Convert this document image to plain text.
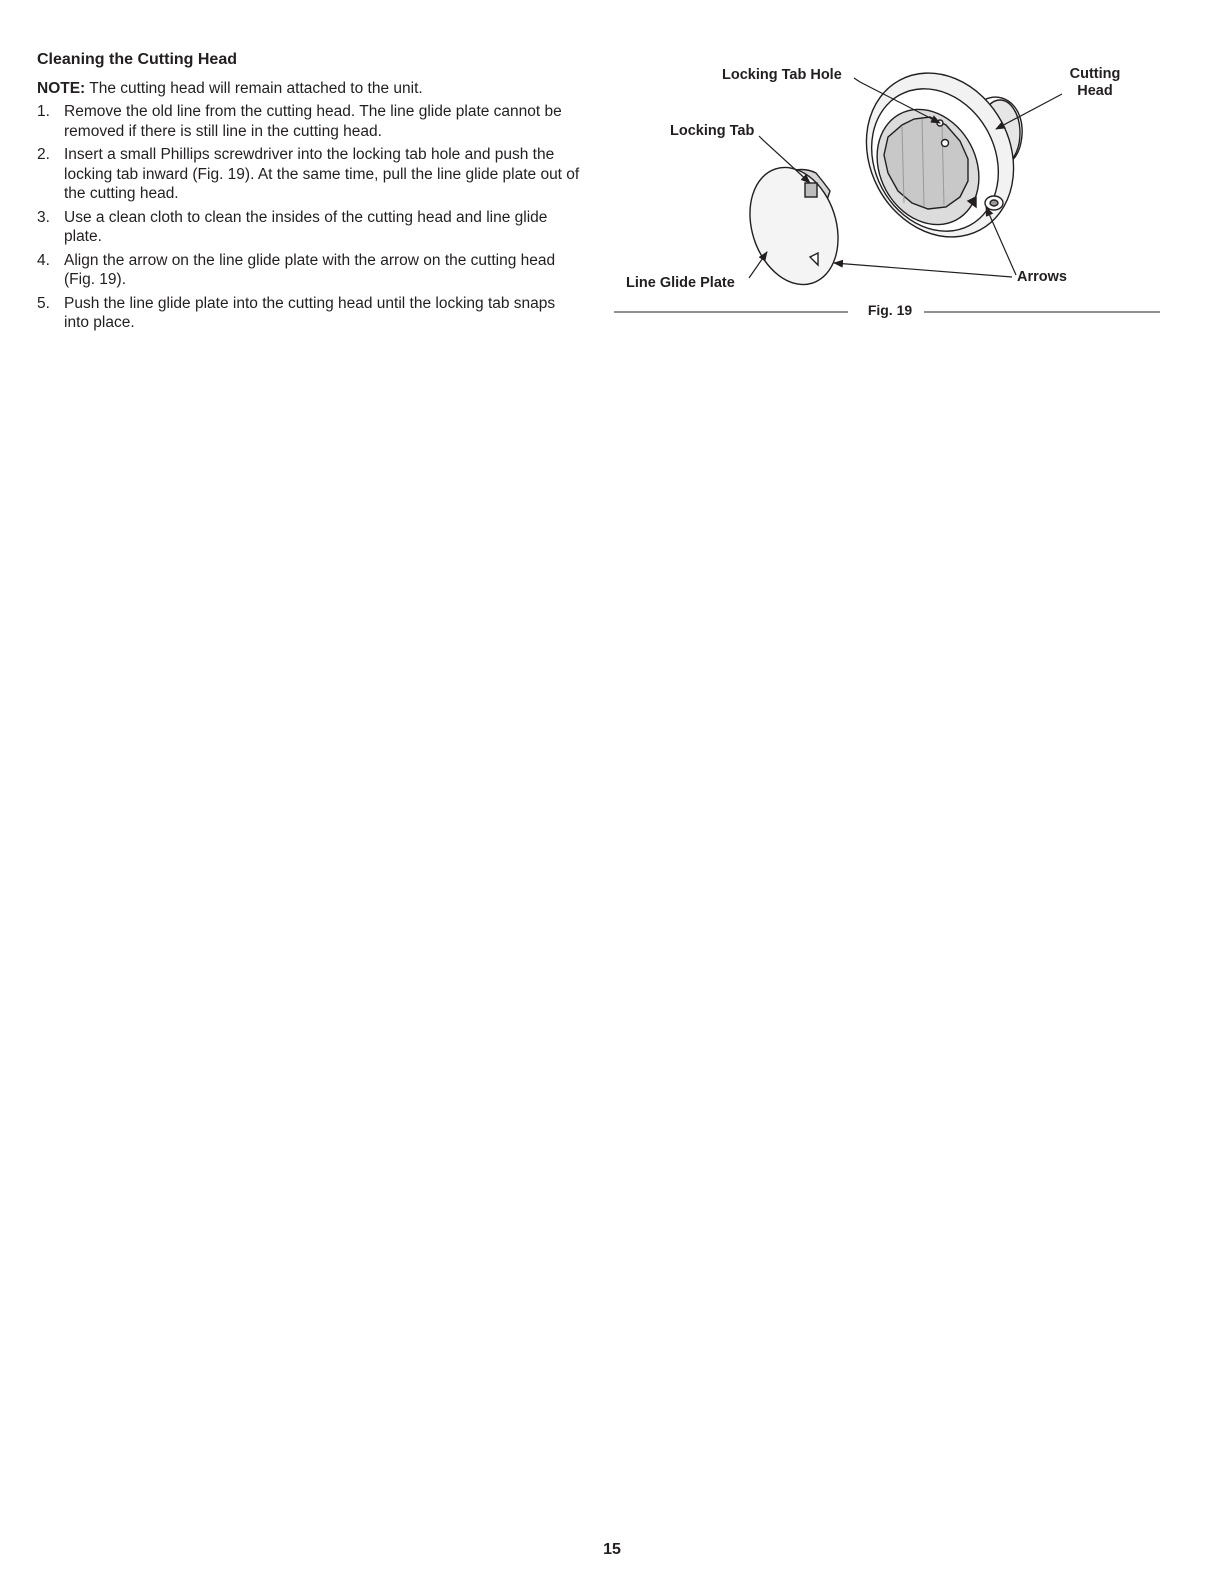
Cleaning the Cutting Head

NOTE: The cutting head will remain attached to the unit.

1. Remove the old line from the cutting head. The line glide plate cannot be removed if there is still line in the cutting head.
2. Insert a small Phillips screwdriver into the locking tab hole and push the locking tab inward (Fig. 19). At the same time, pull the line glide plate out of the cutting head.
3. Use a clean cloth to clean the insides of the cutting head and line glide plate.
4. Align the arrow on the line glide plate with the arrow on the cutting head (Fig. 19).
5. Push the line glide plate into the cutting head until the locking tab snaps into place.
Locking Tab Hole	Cutting
Head
Locking Tab
Line Glide Plate	Arrows
Fig. 19
15
